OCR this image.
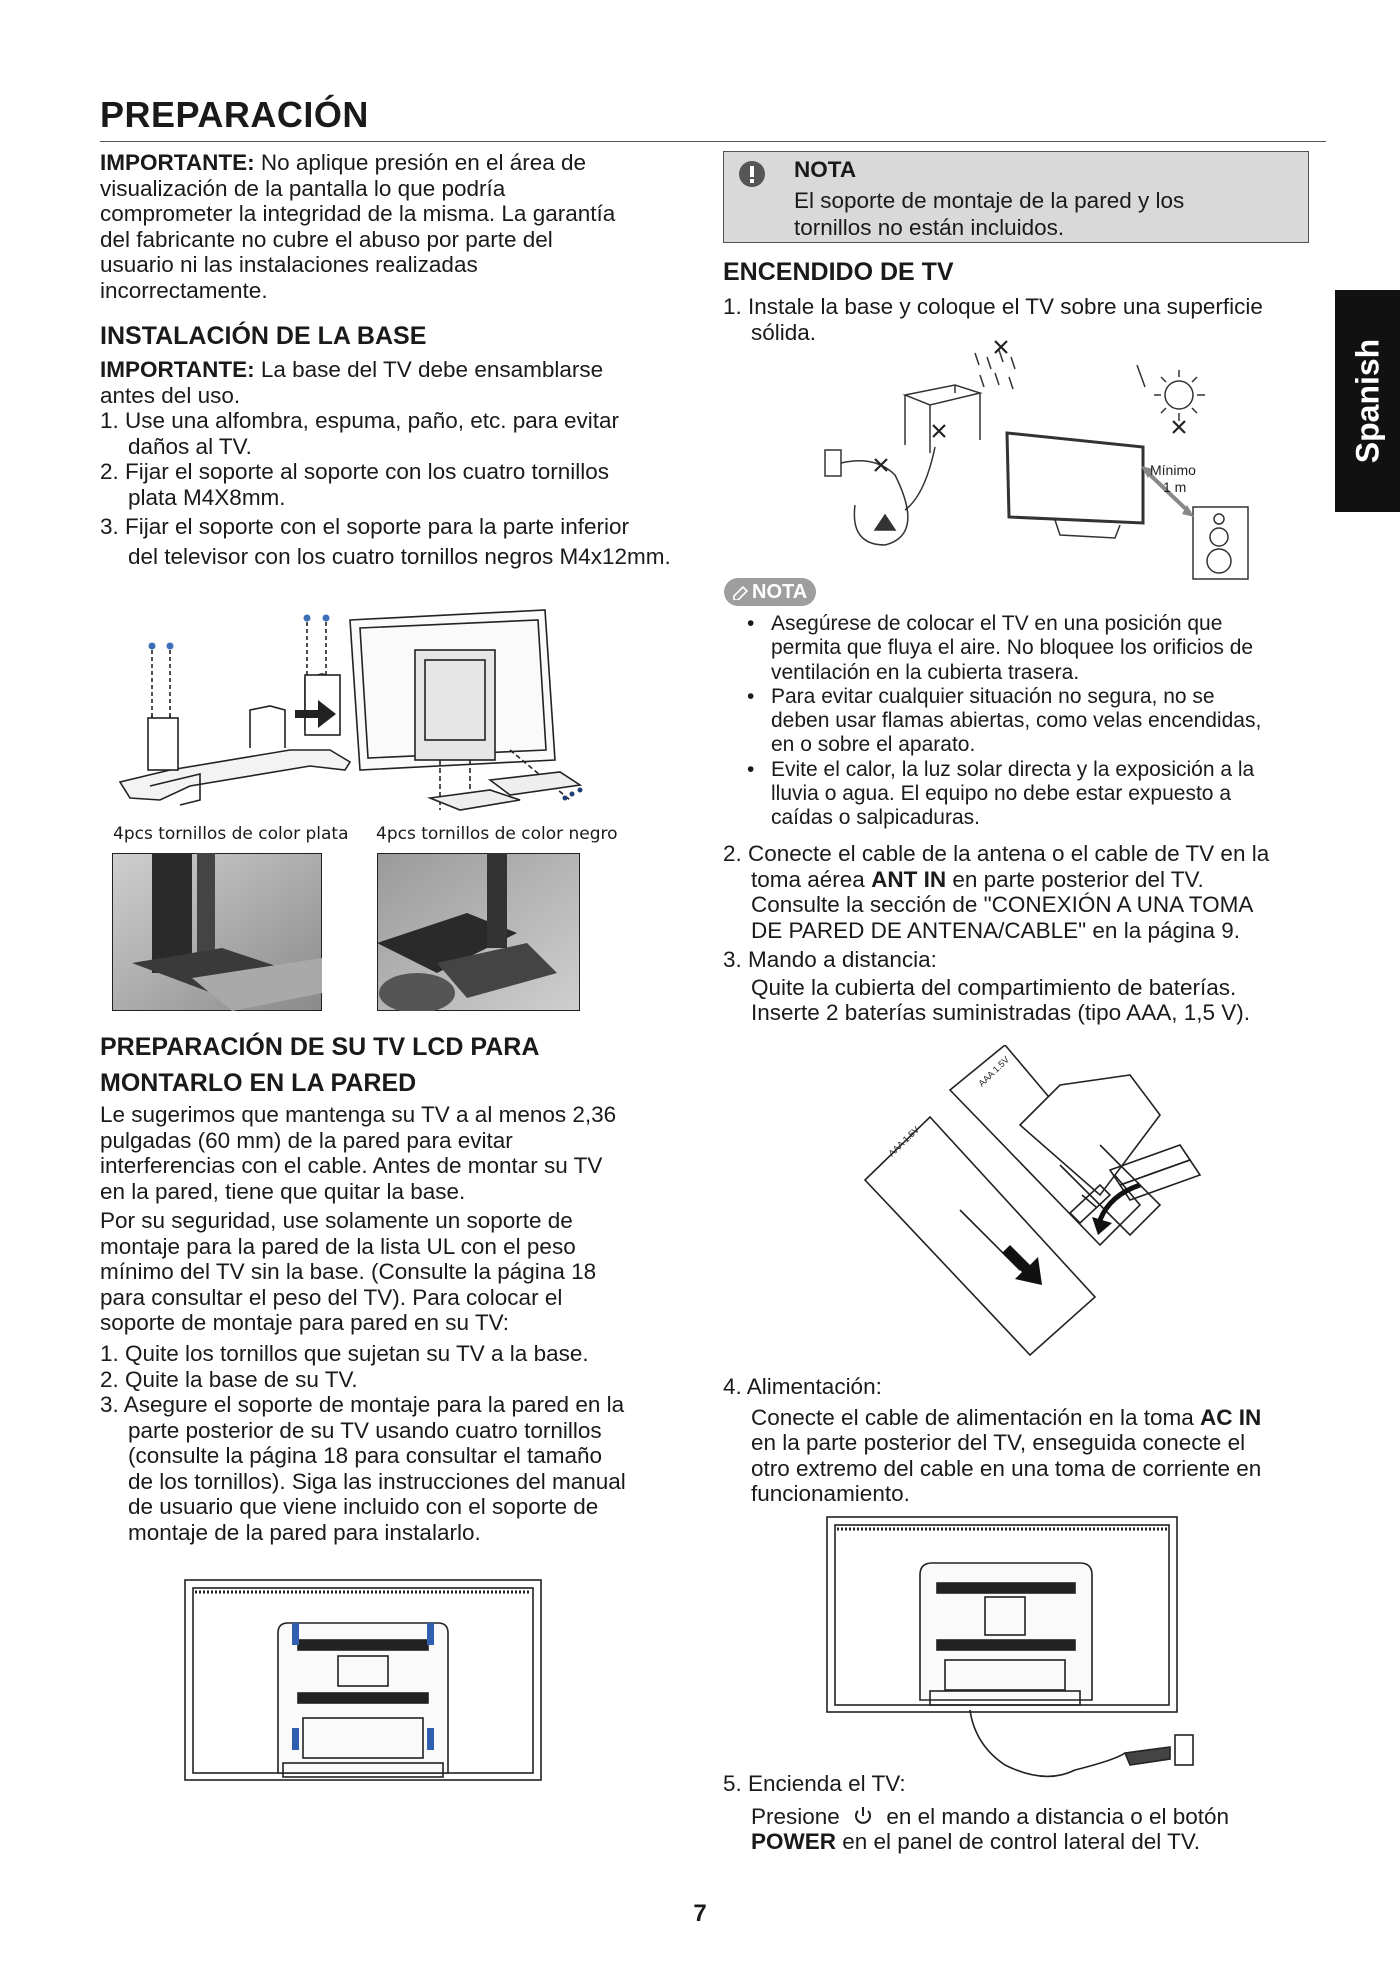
PREPARACIÓN
Spanish
IMPORTANTE: No aplique presión en el área de
visualización de la pantalla lo que podría
comprometer la integridad de la misma. La garantía
del fabricante no cubre el abuso por parte del
usuario ni las instalaciones realizadas
incorrectamente.
INSTALACIÓN DE LA BASE
IMPORTANTE: La base del TV debe ensamblarse
antes del uso.
1. Use una alfombra, espuma, paño, etc. para evitar
daños al TV.
2. Fijar el soporte al soporte con los cuatro tornillos
plata M4X8mm.
3. Fijar el soporte con el soporte para la parte inferior
del televisor con los cuatro tornillos negros M4x12mm.
4pcs tornillos de color plata 4pcs tornillos de color negro
PREPARACIÓN DE SU TV LCD PARA
MONTARLO EN LA PARED
Le sugerimos que mantenga su TV a al menos 2,36
pulgadas (60 mm) de la pared para evitar
interferencias con el cable. Antes de montar su TV
en la pared, tiene que quitar la base.
Por su seguridad, use solamente un soporte de
montaje para la pared de la lista UL con el peso
mínimo del TV sin la base. (Consulte la página 18
para consultar el peso del TV). Para colocar el
soporte de montaje para pared en su TV:
1. Quite los tornillos que sujetan su TV a la base.
2. Quite la base de su TV.
3. Asegure el soporte de montaje para la pared en la
parte posterior de su TV usando cuatro tornillos
(consulte la página 18 para consultar el tamaño
de los tornillos). Siga las instrucciones del manual
de usuario que viene incluido con el soporte de
montaje de la pared para instalarlo.
NOTA
El soporte de montaje de la pared y los
tornillos no están incluidos.
ENCENDIDO DE TV
1. Instale la base y coloque el TV sobre una superficie
sólida.
Mínimo
1 m
NOTA
• Asegúrese de colocar el TV en una posición que
permita que fluya el aire. No bloquee los orificios de
ventilación en la cubierta trasera.
• Para evitar cualquier situación no segura, no se
deben usar flamas abiertas, como velas encendidas,
en o sobre el aparato.
• Evite el calor, la luz solar directa y la exposición a la
lluvia o agua. El equipo no debe estar expuesto a
caídas o salpicaduras.
2. Conecte el cable de la antena o el cable de TV en la
toma aérea ANT IN en parte posterior del TV.
Consulte la sección de "CONEXIÓN A UNA TOMA
DE PARED DE ANTENA/CABLE" en la página 9.
3. Mando a distancia:
Quite la cubierta del compartimiento de baterías.
Inserte 2 baterías suministradas (tipo AAA, 1,5 V).
AAA 1.5V
AAA 1.5V
4. Alimentación:
Conecte el cable de alimentación en la toma AC IN
en la parte posterior del TV, enseguida conecte el
otro extremo del cable en una toma de corriente en
funcionamiento.
5. Encienda el TV:
Presione  en el mando a distancia o el botón
POWER en el panel de control lateral del TV.
7
